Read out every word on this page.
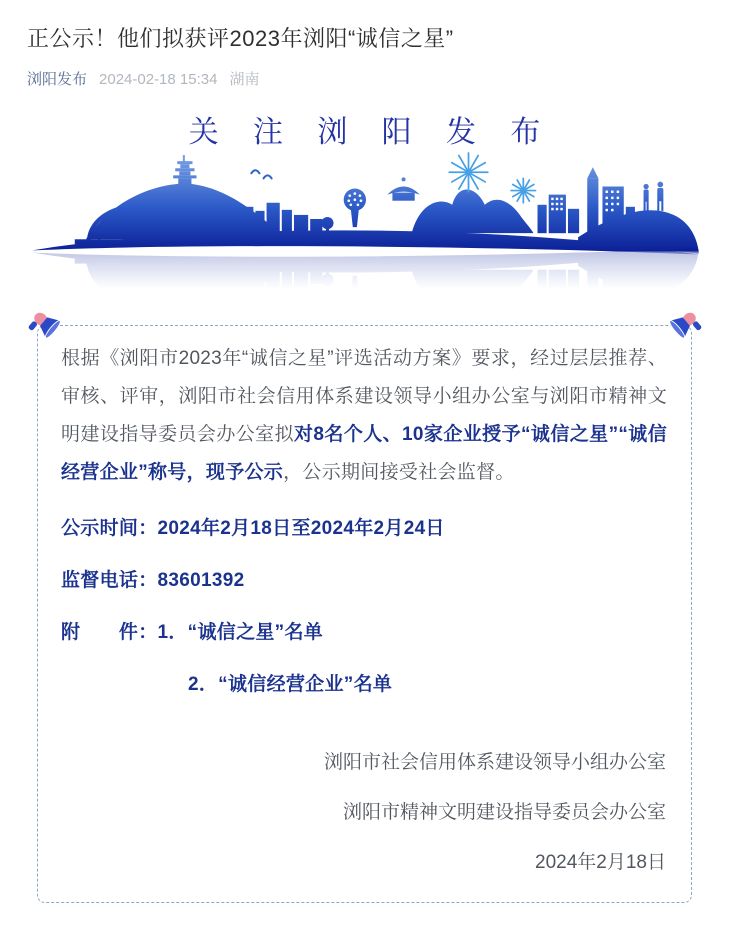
正公示！他们拟获评2023年浏阳“诚信之星”
浏阳发布 2024-02-18 15:34 湖南
关 注 浏 阳 发 布

根据《浏阳市2023年“诚信之星”评选活动方案》要求，经过层层推荐、审核、评审，浏阳市社会信用体系建设领导小组办公室与浏阳市精神文明建设指导委员会办公室拟对8名个人、10家企业授予“诚信之星”“诚信经营企业”称号，现予公示，公示期间接受社会监督。

公示时间：2024年2月18日至2024年2月24日

监督电话：83601392

附　　件：1．“诚信之星”名单

2．“诚信经营企业”名单

浏阳市社会信用体系建设领导小组办公室

浏阳市精神文明建设指导委员会办公室

2024年2月18日
